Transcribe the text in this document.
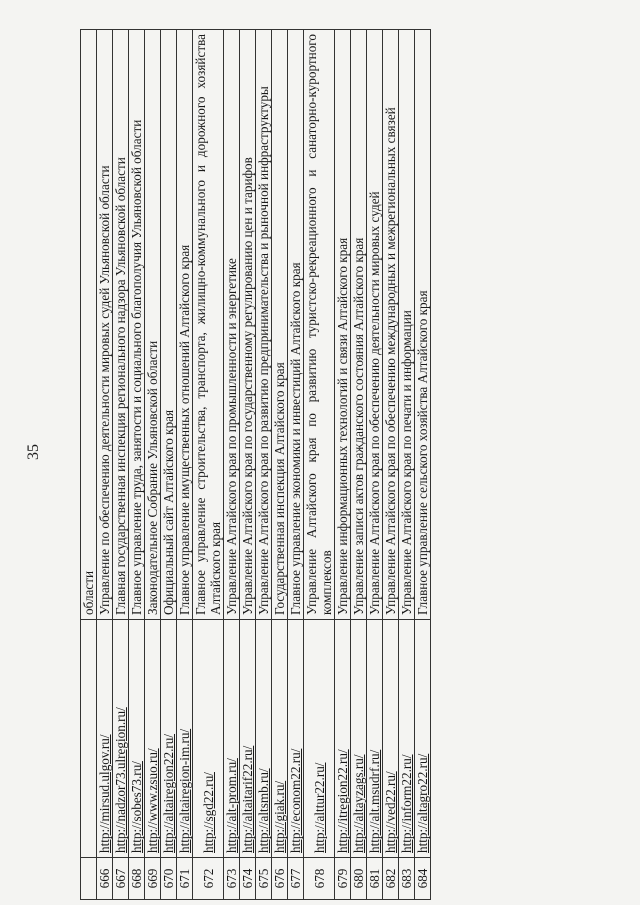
35
		области
666	http://mirsud.ulgov.ru/	Управление по обеспечению деятельности мировых судей Ульяновской области
667	http://nadzor73.ulregion.ru/	Главная государственная инспекция регионального надзора Ульяновской области
668	http://sobes73.ru/	Главное управление труда, занятости и социального благополучия Ульяновской области
669	http://www.zsuo.ru/	Законодательное Собрание Ульяновской области
670	http://altairegion22.ru/	Официальный сайт Алтайского края
671	http://altairegion-im.ru/	Главное управление имущественных отношений Алтайского края
672	http://sgd22.ru/	Главное управление строительства, транспорта, жилищно-коммунального и дорожного хозяйства Алтайского края
673	http://alt-prom.ru/	Управление Алтайского края по промышленности и энергетике
674	http://altaitarif22.ru/	Управление Алтайского края по государственному регулированию цен и тарифов
675	http://altsmb.ru/	Управление Алтайского края по развитию предпринимательства и рыночной инфраструктуры
676	http://giak.ru/	Государственная инспекция Алтайского края
677	http://econom22.ru/	Главное управление экономики и инвестиций Алтайского края
678	http://alttur22.ru/	Управление Алтайского края по развитию туристско-рекреационного и санаторно-курортного комплексов
679	http://itregion22.ru/	Управление информационных технологий и связи Алтайского края
680	http://altayzags.ru/	Управление записи актов гражданского состояния Алтайского края
681	http://alt.msudrf.ru/	Управление Алтайского края по обеспечению деятельности мировых судей
682	http://ved22.ru/	Управление Алтайского края по обеспечению международных и межрегиональных связей
683	http://inform22.ru/	Управление Алтайского края по печати и информации
684	http://altagro22.ru/	Главное управление сельского хозяйства Алтайского края
